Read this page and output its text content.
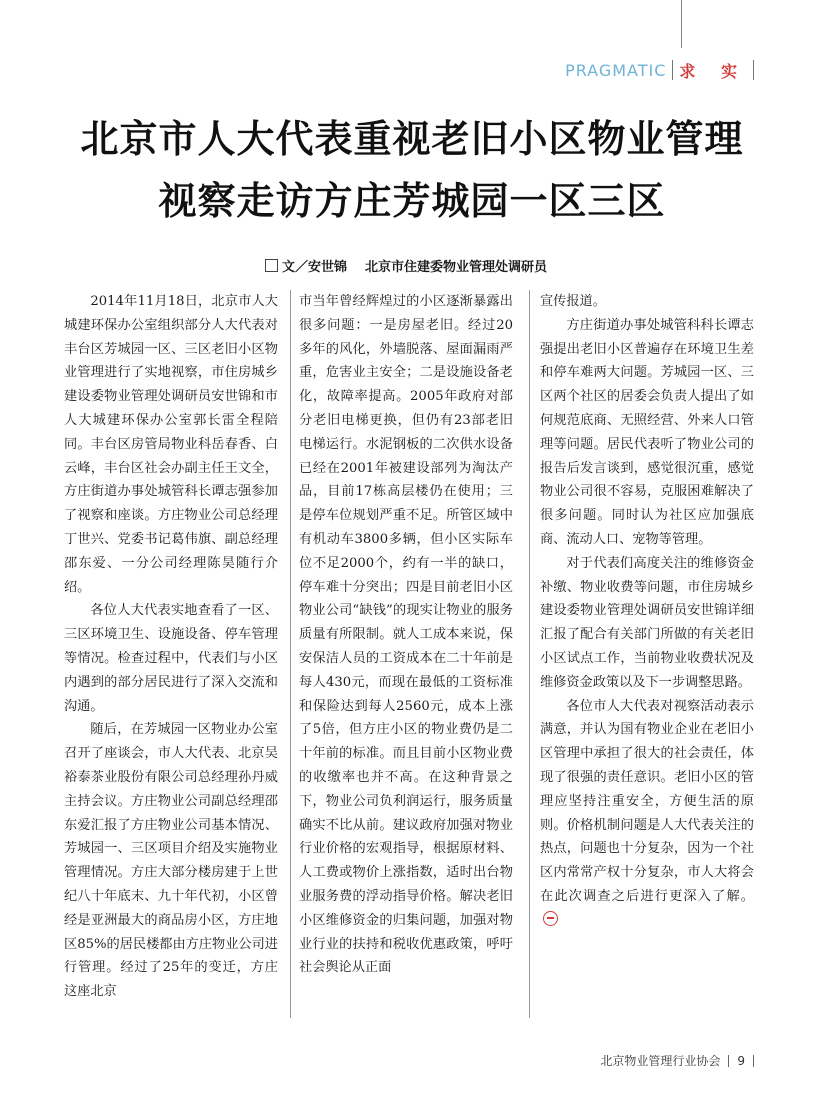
PRAGMATIC 求 实
北京市人大代表重视老旧小区物业管理
视察走访方庄芳城园一区三区
文／安世锦 北京市住建委物业管理处调研员

2014年11月18日，北京市人大城建环保办公室组织部分人大代表对丰台区芳城园一区、三区老旧小区物业管理进行了实地视察，市住房城乡建设委物业管理处调研员安世锦和市人大城建环保办公室郭长雷全程陪同。丰台区房管局物业科岳春香、白云峰，丰台区社会办副主任王文全，方庄街道办事处城管科长谭志强参加了视察和座谈。方庄物业公司总经理丁世兴、党委书记葛伟旗、副总经理邵东爱、一分公司经理陈昊随行介绍。

各位人大代表实地查看了一区、三区环境卫生、设施设备、停车管理等情况。检查过程中，代表们与小区内遇到的部分居民进行了深入交流和沟通。

随后，在芳城园一区物业办公室召开了座谈会，市人大代表、北京吴裕泰茶业股份有限公司总经理孙丹威主持会议。方庄物业公司副总经理邵东爱汇报了方庄物业公司基本情况、芳城园一、三区项目介绍及实施物业管理情况。方庄大部分楼房建于上世纪八十年底末、九十年代初，小区曾经是亚洲最大的商品房小区，方庄地区85%的居民楼都由方庄物业公司进行管理。经过了25年的变迁，方庄这座北京

市当年曾经辉煌过的小区逐渐暴露出很多问题：一是房屋老旧。经过20多年的风化，外墙脱落、屋面漏雨严重，危害业主安全；二是设施设备老化，故障率提高。2005年政府对部分老旧电梯更换，但仍有23部老旧电梯运行。水泥钢板的二次供水设备已经在2001年被建设部列为淘汰产品，目前17栋高层楼仍在使用；三是停车位规划严重不足。所管区域中有机动车3800多辆，但小区实际车位不足2000个，约有一半的缺口，停车难十分突出；四是目前老旧小区物业公司“缺钱”的现实让物业的服务质量有所限制。就人工成本来说，保安保洁人员的工资成本在二十年前是每人430元，而现在最低的工资标准和保险达到每人2560元，成本上涨了5倍，但方庄小区的物业费仍是二十年前的标准。而且目前小区物业费的收缴率也并不高。在这种背景之下，物业公司负利润运行，服务质量确实不比从前。建议政府加强对物业行业价格的宏观指导，根据原材料、人工费或物价上涨指数，适时出台物业服务费的浮动指导价格。解决老旧小区维修资金的归集问题，加强对物业行业的扶持和税收优惠政策，呼吁社会舆论从正面

宣传报道。

方庄街道办事处城管科科长谭志强提出老旧小区普遍存在环境卫生差和停车难两大问题。芳城园一区、三区两个社区的居委会负责人提出了如何规范底商、无照经营、外来人口管理等问题。居民代表听了物业公司的报告后发言谈到，感觉很沉重，感觉物业公司很不容易，克服困难解决了很多问题。同时认为社区应加强底商、流动人口、宠物等管理。

对于代表们高度关注的维修资金补缴、物业收费等问题，市住房城乡建设委物业管理处调研员安世锦详细汇报了配合有关部门所做的有关老旧小区试点工作，当前物业收费状况及维修资金政策以及下一步调整思路。

各位市人大代表对视察活动表示满意，并认为国有物业企业在老旧小区管理中承担了很大的社会责任，体现了很强的责任意识。老旧小区的管理应坚持注重安全，方便生活的原则。价格机制问题是人大代表关注的热点，问题也十分复杂，因为一个社区内常常产权十分复杂，市人大将会在此次调查之后进行更深入了解。

北京物业管理行业协会 9
